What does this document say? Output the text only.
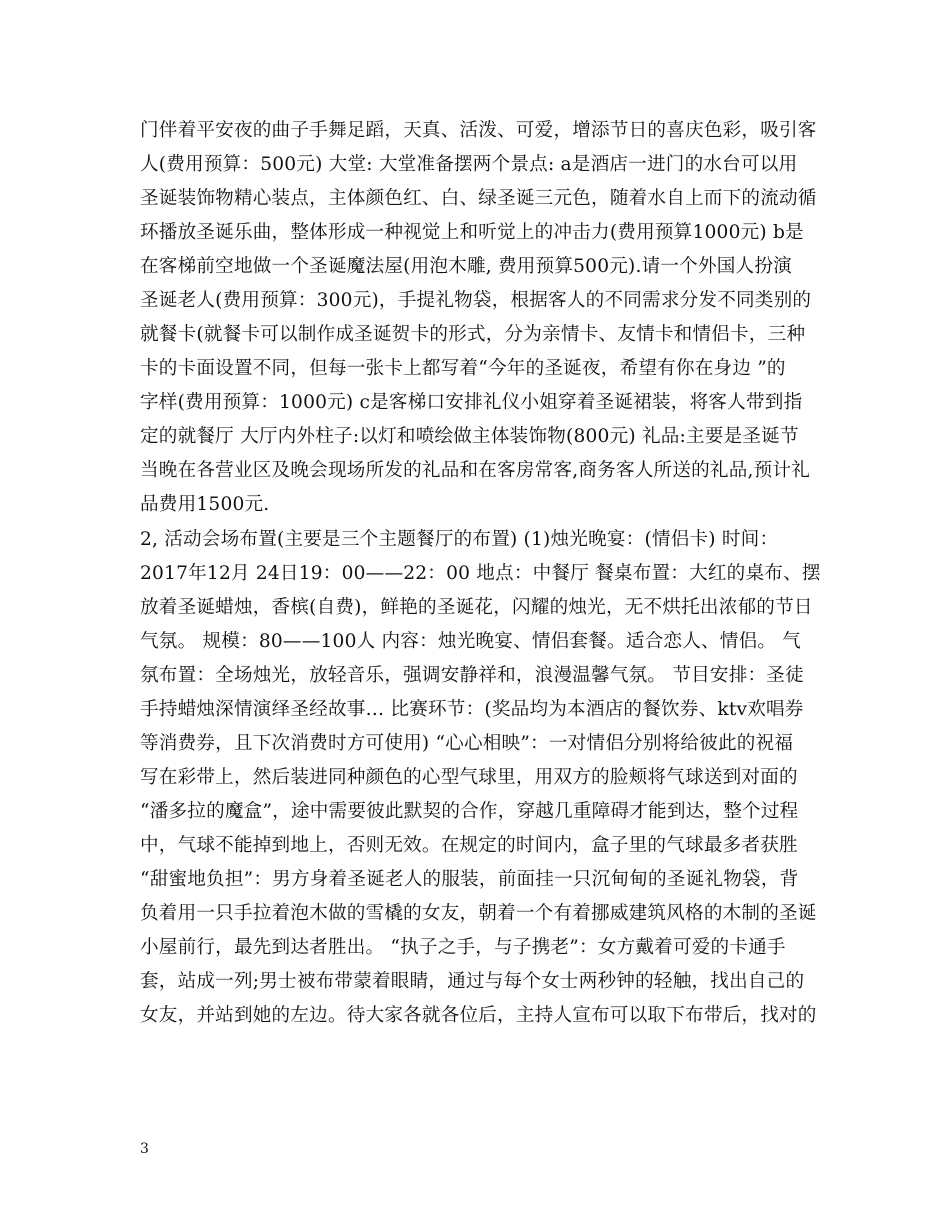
门伴着平安夜的曲子手舞足蹈，天真、活泼、可爱，增添节日的喜庆色彩，吸引客
人(费用预算：500元) 大堂: 大堂准备摆两个景点: a是酒店一进门的水台可以用
圣诞装饰物精心装点，主体颜色红、白、绿圣诞三元色，随着水自上而下的流动循
环播放圣诞乐曲，整体形成一种视觉上和听觉上的冲击力(费用预算1000元) b是
在客梯前空地做一个圣诞魔法屋(用泡木雕, 费用预算500元).请一个外国人扮演
圣诞老人(费用预算：300元)，手提礼物袋，根据客人的不同需求分发不同类别的
就餐卡(就餐卡可以制作成圣诞贺卡的形式，分为亲情卡、友情卡和情侣卡，三种
卡的卡面设置不同，但每一张卡上都写着“今年的圣诞夜，希望有你在身边 ”的
字样(费用预算：1000元) c是客梯口安排礼仪小姐穿着圣诞裙装，将客人带到指
定的就餐厅 大厅内外柱子:以灯和喷绘做主体装饰物(800元) 礼品:主要是圣诞节
当晚在各营业区及晚会现场所发的礼品和在客房常客,商务客人所送的礼品,预计礼
品费用1500元.
2, 活动会场布置(主要是三个主题餐厅的布置) (1)烛光晚宴：(情侣卡) 时间：
2017年12月 24日19：00——22：00 地点：中餐厅 餐桌布置：大红的桌布、摆
放着圣诞蜡烛，香槟(自费)，鲜艳的圣诞花，闪耀的烛光，无不烘托出浓郁的节日
气氛。 规模：80——100人 内容：烛光晚宴、情侣套餐。适合恋人、情侣。 气
氛布置：全场烛光，放轻音乐，强调安静祥和，浪漫温馨气氛。 节目安排：圣徒
手持蜡烛深情演绎圣经故事… 比赛环节：(奖品均为本酒店的餐饮券、ktv欢唱券
等消费券，且下次消费时方可使用) “心心相映”：一对情侣分别将给彼此的祝福
写在彩带上，然后装进同种颜色的心型气球里，用双方的脸颊将气球送到对面的
“潘多拉的魔盒”，途中需要彼此默契的合作，穿越几重障碍才能到达，整个过程
中，气球不能掉到地上，否则无效。在规定的时间内，盒子里的气球最多者获胜
“甜蜜地负担”：男方身着圣诞老人的服装，前面挂一只沉甸甸的圣诞礼物袋，背
负着用一只手拉着泡木做的雪橇的女友，朝着一个有着挪威建筑风格的木制的圣诞
小屋前行，最先到达者胜出。 “执子之手，与子携老”：女方戴着可爱的卡通手
套，站成一列;男士被布带蒙着眼睛，通过与每个女士两秒钟的轻触，找出自己的
女友，并站到她的左边。待大家各就各位后，主持人宣布可以取下布带后，找对的
3
